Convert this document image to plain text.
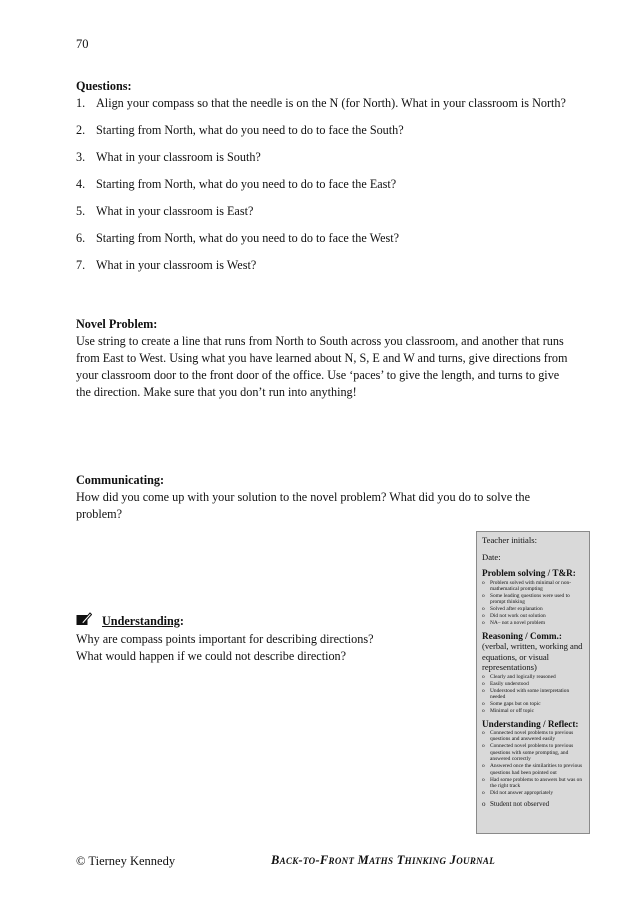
70
Questions:
1. Align your compass so that the needle is on the N (for North). What in your classroom is North?
2. Starting from North, what do you need to do to face the South?
3. What in your classroom is South?
4. Starting from North, what do you need to do to face the East?
5. What in your classroom is East?
6. Starting from North, what do you need to do to face the West?
7. What in your classroom is West?
Novel Problem:
Use string to create a line that runs from North to South across you classroom, and another that runs from East to West. Using what you have learned about N, S, E and W and turns, give directions from your classroom door to the front door of the office. Use ‘paces’ to give the length, and turns to give the direction. Make sure that you don’t run into anything!
Communicating:
How did you come up with your solution to the novel problem? What did you do to solve the problem?
Understanding:
Why are compass points important for describing directions?
What would happen if we could not describe direction?
Teacher initials:
Date:
Problem solving / T&R:
o Problem solved with minimal or non-mathematical prompting
o Some leading questions were used to prompt thinking
o Solved after explanation
o Did not work out solution
o NA– not a novel problem
Reasoning / Comm.:
(verbal, written, working and equations, or visual representations)
o Clearly and logically reasoned
o Easily understood
o Understood with some interpretation needed
o Some gaps but on topic
o Minimal or off topic
Understanding / Reflect:
o Connected novel problems to previous questions and answered easily
o Connected novel problems to previous questions with some prompting, and answered correctly
o Answered once the similarities to previous questions had been pointed out
o Had some problems to answers but was on the right track
o Did not answer appropriately
o Student not observed
© Tierney Kennedy	Back-to-Front Maths Thinking Journal
